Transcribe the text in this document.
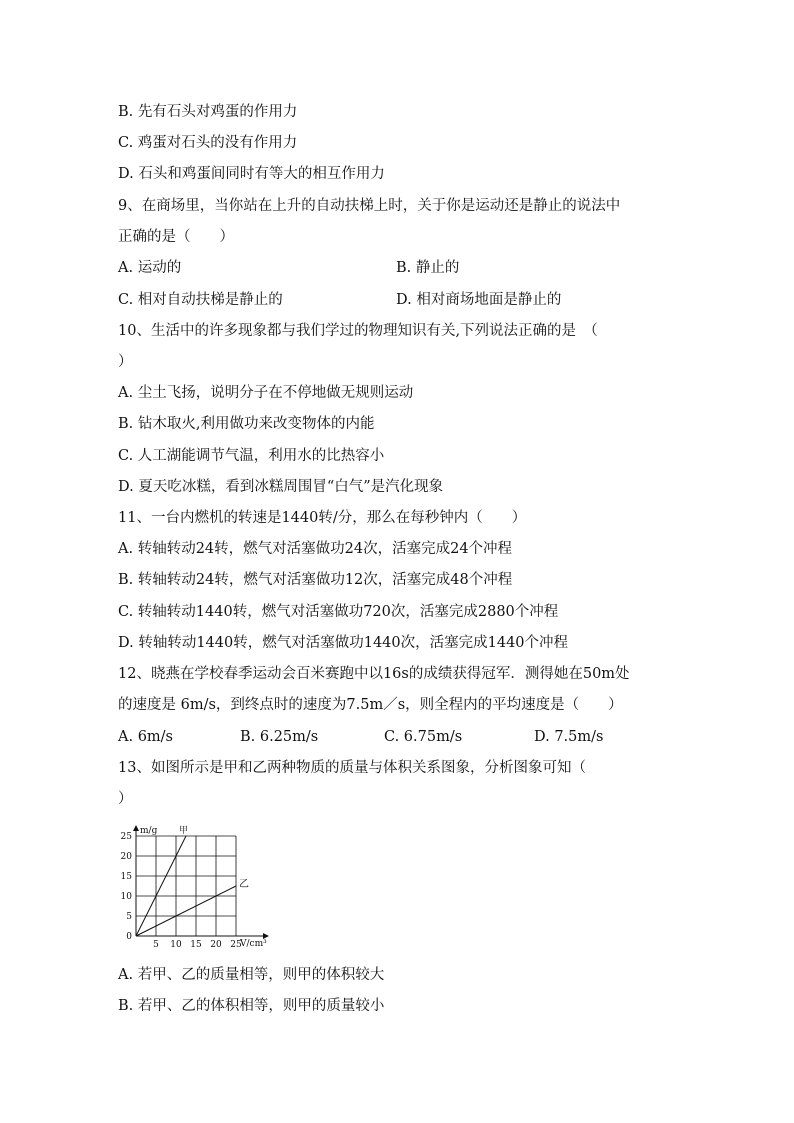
B. 先有石头对鸡蛋的作用力
C. 鸡蛋对石头的没有作用力
D. 石头和鸡蛋间同时有等大的相互作用力
9、在商场里，当你站在上升的自动扶梯上时，关于你是运动还是静止的说法中
正确的是（　　）
A. 运动的	B. 静止的
C. 相对自动扶梯是静止的	D. 相对商场地面是静止的
10、生活中的许多现象都与我们学过的物理知识有关,下列说法正确的是　（
）
A. 尘土飞扬，说明分子在不停地做无规则运动
B. 钻木取火,利用做功来改变物体的内能
C. 人工湖能调节气温，利用水的比热容小
D. 夏天吃冰糕，看到冰糕周围冒“白气”是汽化现象
11、一台内燃机的转速是1440转/分，那么在每秒钟内（　　）
A. 转轴转动24转，燃气对活塞做功24次，活塞完成24个冲程
B. 转轴转动24转，燃气对活塞做功12次，活塞完成48个冲程
C. 转轴转动1440转，燃气对活塞做功720次，活塞完成2880个冲程
D. 转轴转动1440转，燃气对活塞做功1440次，活塞完成1440个冲程
12、晓燕在学校春季运动会百米赛跑中以16s的成绩获得冠军．测得她在50m处
的速度是 6m/s，到终点时的速度为7.5m／s，则全程内的平均速度是（　　）
A. 6m/s	B. 6.25m/s	C. 6.75m/s	D. 7.5m/s
13、如图所示是甲和乙两种物质的质量与体积关系图象，分析图象可知（
）
5 10 15 20 25
0
5
10
15
20
25
甲
乙
m/g
V/cm³
A. 若甲、乙的质量相等，则甲的体积较大
B. 若甲、乙的体积相等，则甲的质量较小
